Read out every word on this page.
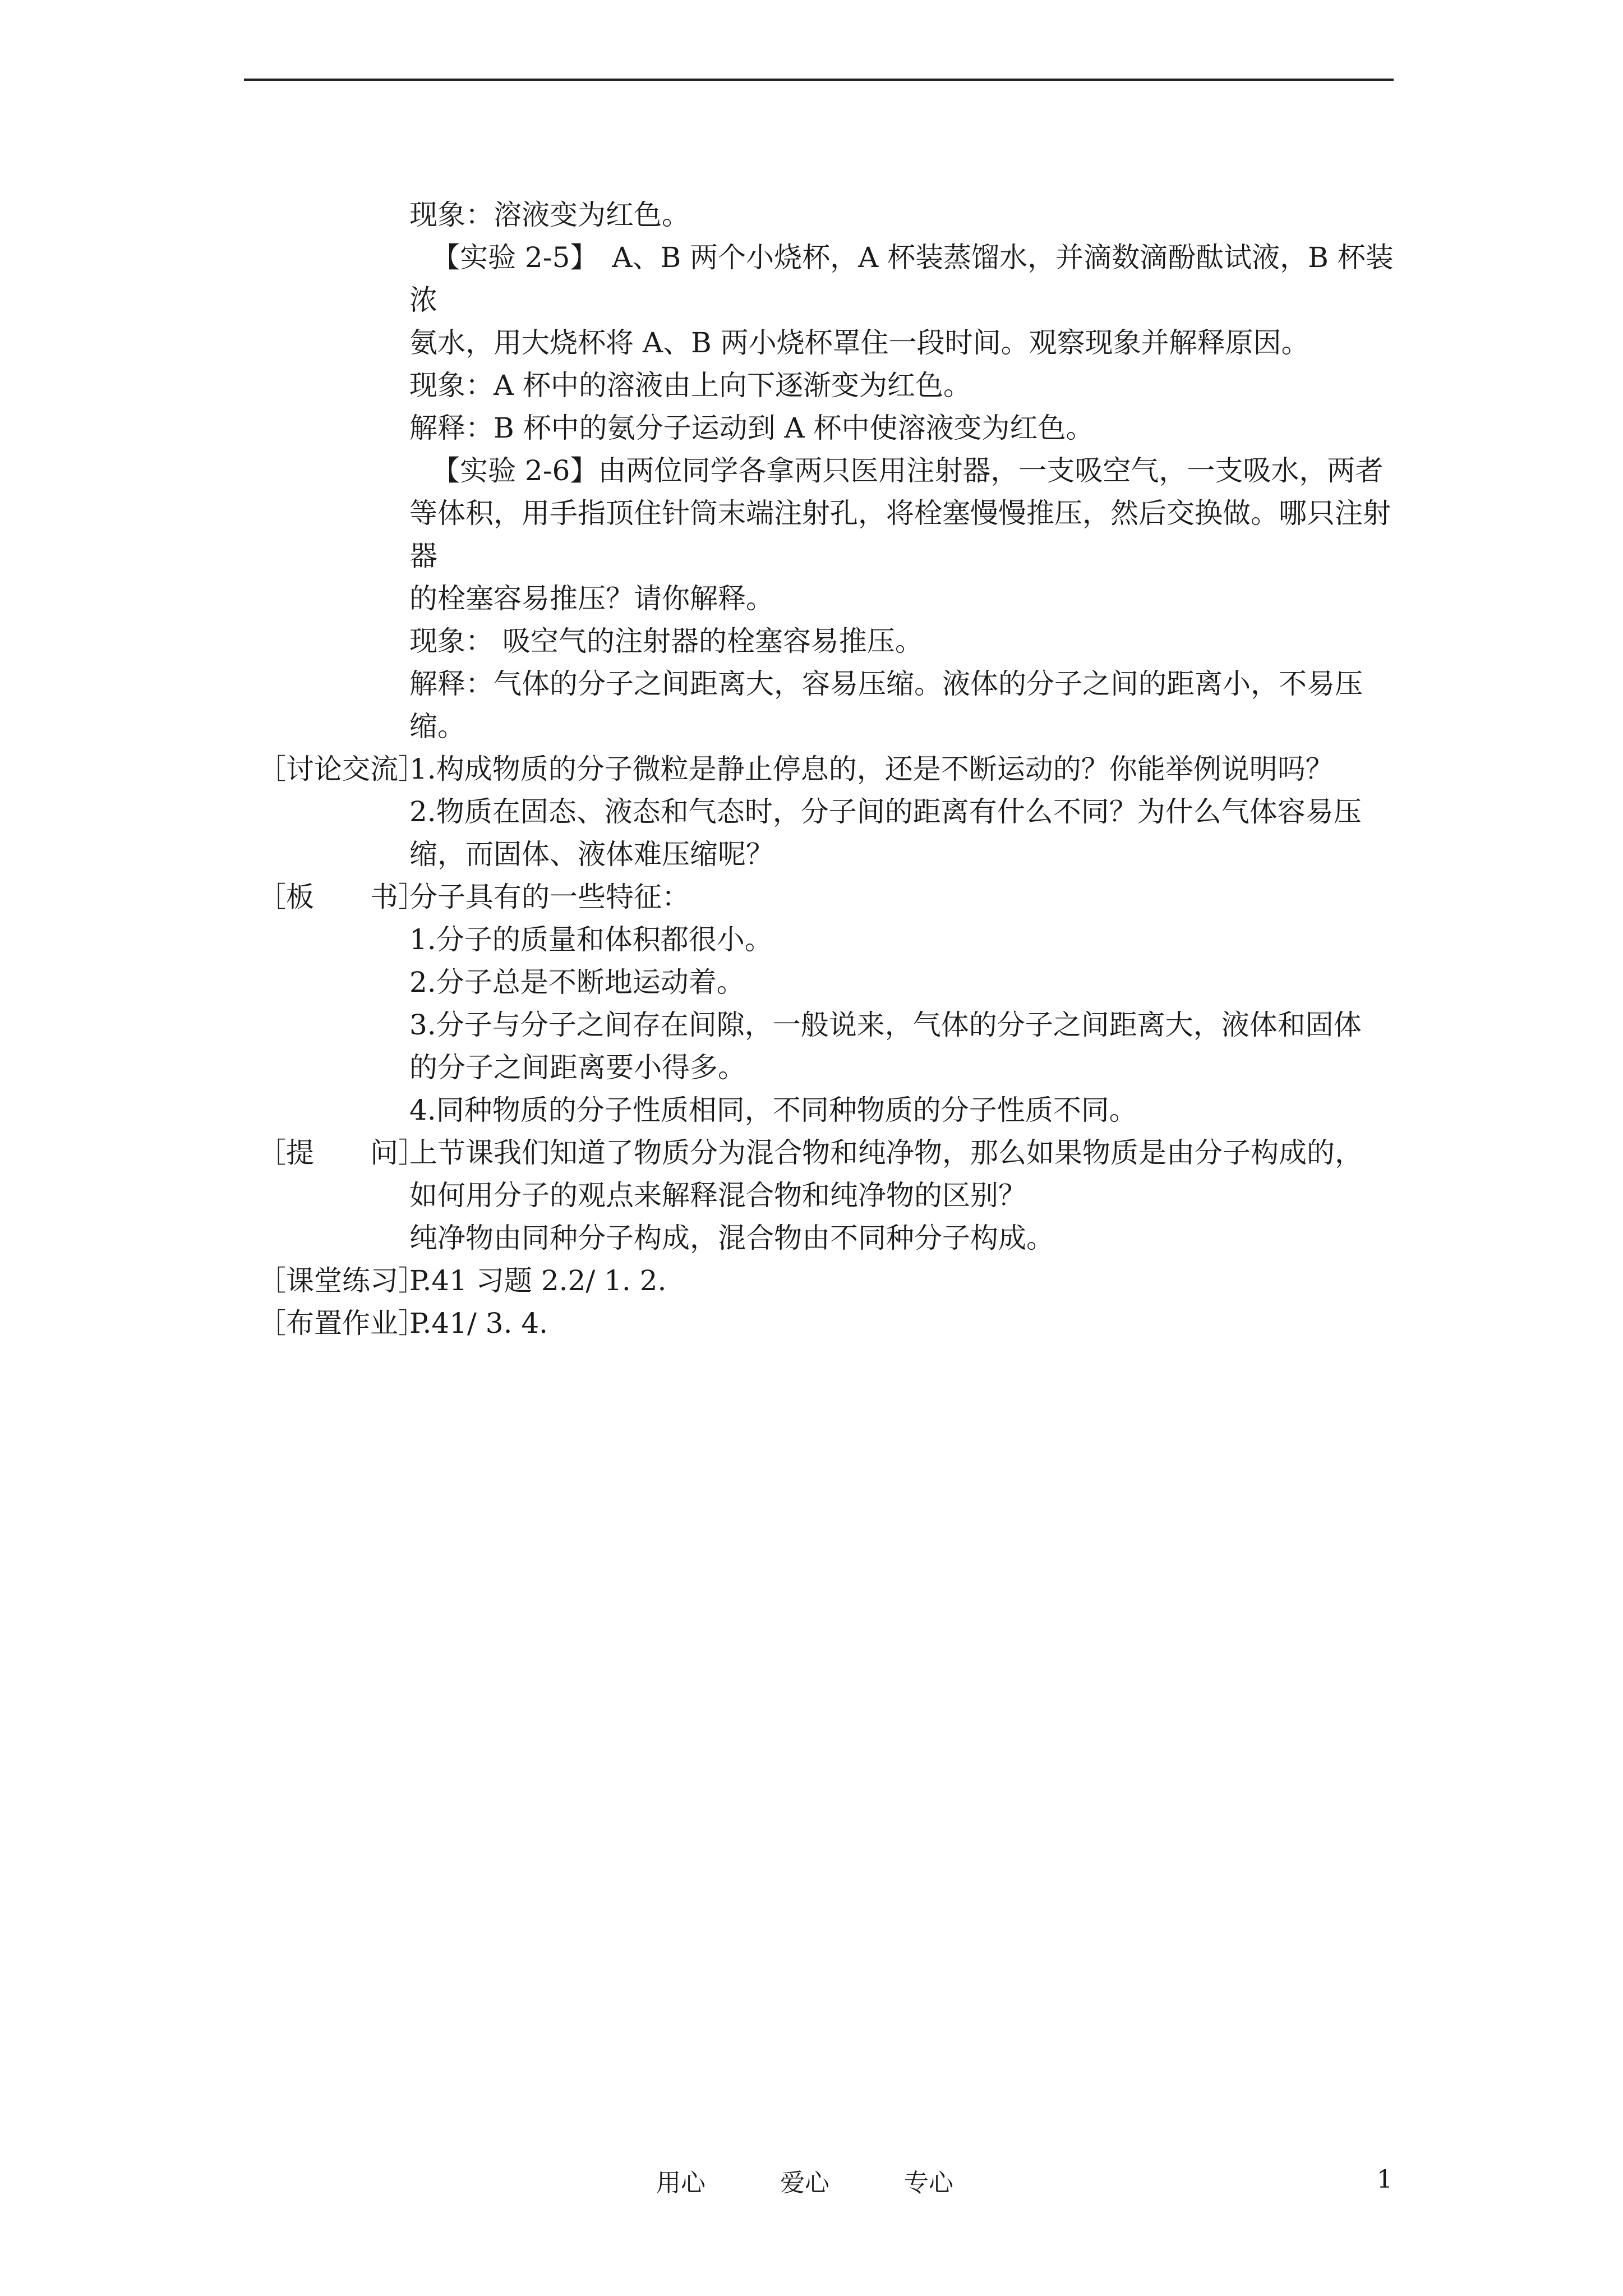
现象：溶液变为红色。
【实验 2-5】　A、B 两个小烧杯，A 杯装蒸馏水，并滴数滴酚酞试液，B 杯装浓
氨水，用大烧杯将 A、B 两小烧杯罩住一段时间。观察现象并解释原因。
现象：A 杯中的溶液由上向下逐渐变为红色。
解释：B 杯中的氨分子运动到 A 杯中使溶液变为红色。
【实验 2-6】由两位同学各拿两只医用注射器，一支吸空气，一支吸水，两者
等体积，用手指顶住针筒末端注射孔，将栓塞慢慢推压，然后交换做。哪只注射器
的栓塞容易推压？请你解释。
现象： 吸空气的注射器的栓塞容易推压。
解释：气体的分子之间距离大，容易压缩。液体的分子之间的距离小，不易压
缩。
［讨论交流］
1.构成物质的分子微粒是静止停息的，还是不断运动的？你能举例说明吗？
2.物质在固态、液态和气态时，分子间的距离有什么不同？为什么气体容易压
缩，而固体、液体难压缩呢？
［板　　书］
分子具有的一些特征：
1.分子的质量和体积都很小。
2.分子总是不断地运动着。
3.分子与分子之间存在间隙，一般说来，气体的分子之间距离大，液体和固体
的分子之间距离要小得多。
4.同种物质的分子性质相同，不同种物质的分子性质不同。
［提　　问］
上节课我们知道了物质分为混合物和纯净物，那么如果物质是由分子构成的，
如何用分子的观点来解释混合物和纯净物的区别？
纯净物由同种分子构成，混合物由不同种分子构成。
［课堂练习］
P.41 习题 2.2/ 1. 2.
［布置作业］
P.41/ 3. 4.
用心	爱心	专心	1
